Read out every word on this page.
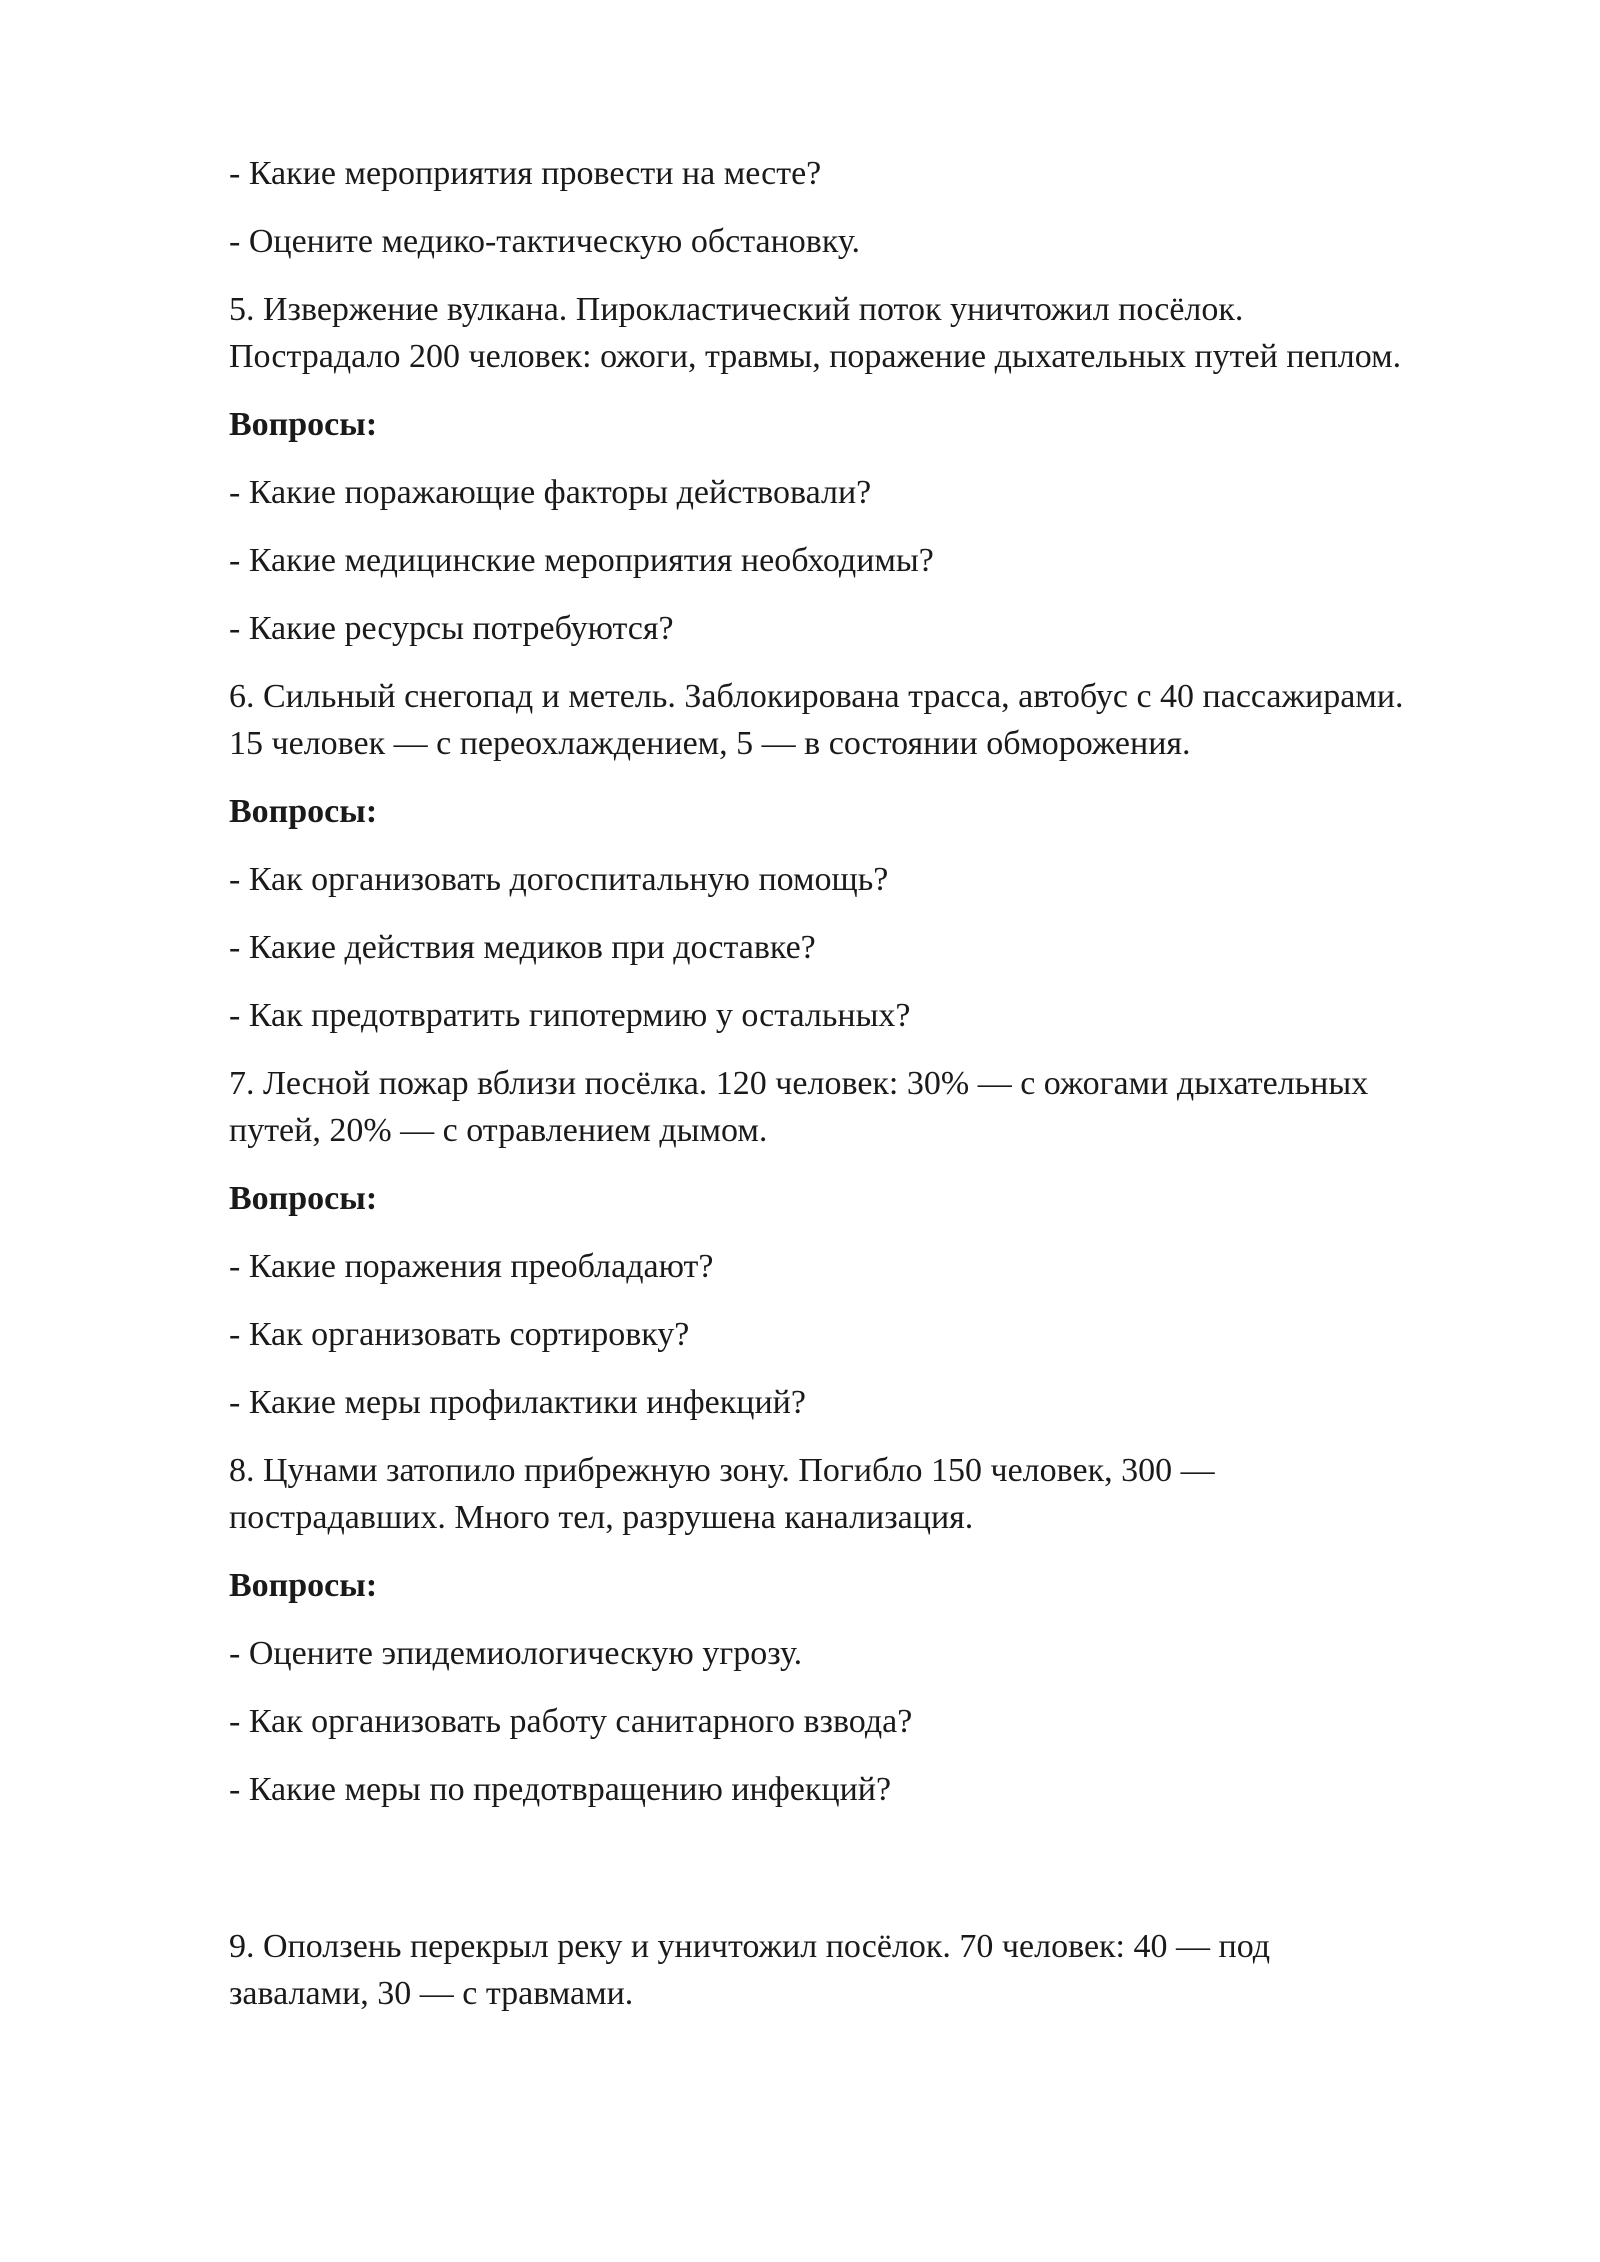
- Какие мероприятия провести на месте?

- Оцените медико-тактическую обстановку.

5. Извержение вулкана. Пирокластический поток уничтожил посёлок. Пострадало 200 человек: ожоги, травмы, поражение дыхательных путей пеплом.

Вопросы:

- Какие поражающие факторы действовали?

- Какие медицинские мероприятия необходимы?

- Какие ресурсы потребуются?

6. Сильный снегопад и метель. Заблокирована трасса, автобус с 40 пассажирами. 15 человек — с переохлаждением, 5 — в состоянии обморожения.

Вопросы:

- Как организовать догоспитальную помощь?

- Какие действия медиков при доставке?

- Как предотвратить гипотермию у остальных?

7. Лесной пожар вблизи посёлка. 120 человек: 30% — с ожогами дыхательных путей, 20% — с отравлением дымом.

Вопросы:

- Какие поражения преобладают?

- Как организовать сортировку?

- Какие меры профилактики инфекций?

8. Цунами затопило прибрежную зону. Погибло 150 человек, 300 — пострадавших. Много тел, разрушена канализация.

Вопросы:

- Оцените эпидемиологическую угрозу.

- Как организовать работу санитарного взвода?

- Какие меры по предотвращению инфекций?

9. Оползень перекрыл реку и уничтожил посёлок. 70 человек: 40 — под завалами, 30 — с травмами.
